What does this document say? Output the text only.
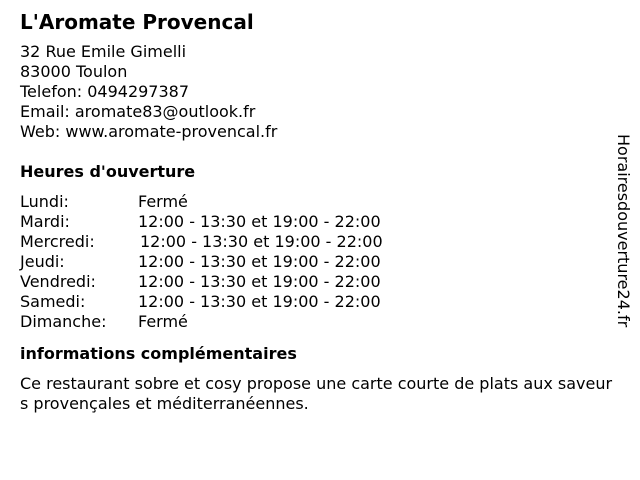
L'Aromate Provencal
32 Rue Emile Gimelli
83000 Toulon
Telefon: 0494297387
Email: aromate83@outlook.fr
Web: www.aromate-provencal.fr
Heures d'ouverture
Lundi:	Fermé
Mardi:	12:00 - 13:30 et 19:00 - 22:00
Mercredi:	12:00 - 13:30 et 19:00 - 22:00
Jeudi:	12:00 - 13:30 et 19:00 - 22:00
Vendredi:	12:00 - 13:30 et 19:00 - 22:00
Samedi:	12:00 - 13:30 et 19:00 - 22:00
Dimanche: Fermé
informations complémentaires
Ce restaurant sobre et cosy propose une carte courte de plats aux saveurs provençales et méditerranéennes.
Horairesdouverture24.fr
